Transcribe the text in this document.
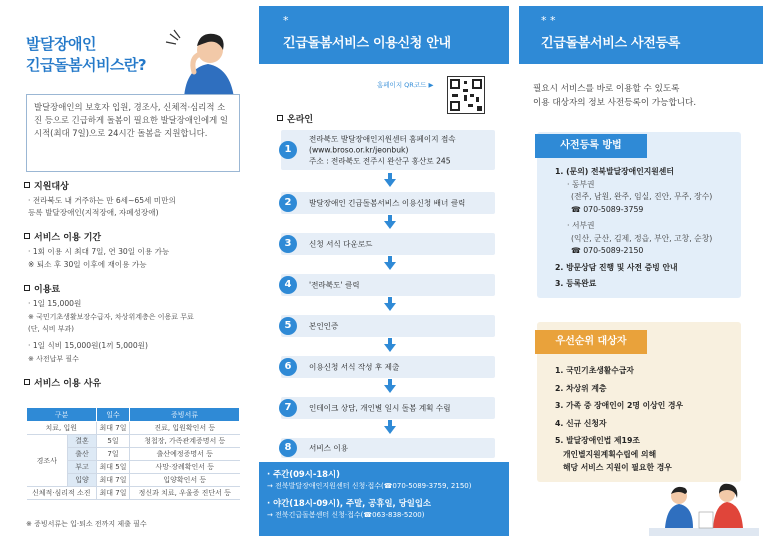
발달장애인
긴급돌봄서비스란?
발달장애인의 보호자 입원, 경조사, 신체적·심리적 소진 등으로 긴급하게 돌봄이 필요한 발달장애인에게 일시적(최대 7일)으로 24시간 돌봄을 지원합니다.
지원대상
· 전라북도 내 거주하는 만 6세~65세 미만의
등록 발달장애인(지적장애, 자폐성장애)
서비스 이용 기간
· 1회 이용 시 최대 7일, 연 30일 이용 가능
※ 퇴소 후 30일 이후에 재이용 가능
이용료
· 1일 15,000원
※ 국민기초생활보장수급자, 차상위계층은 이용료 무료
(단, 식비 부과)
· 1일 식비 15,000원(1끼 5,000원)
※ 사전납부 필수
서비스 이용 사유
구분		일수	증빙서류
치료, 입원		최대 7일	진료, 입원확인서 등
경조사	결혼	5일	청첩장, 가족관계증명서 등
	출산	7일	출산예정증명서 등
	부고	최대 5일	사망·장례확인서 등
	입양	최대 7일	입양확인서 등
신체적·심리적 소진		최대 7일	정신과 치료, 우울증 진단서 등
※ 증빙서류는 입·퇴소 전까지 제출 필수
*
긴급돌봄서비스 이용신청 안내
홈페이지 QR코드 ▶
온라인
1
전라북도 발달장애인지원센터 홈페이지 접속
(www.broso.or.kr/jeonbuk)
주소 : 전라북도 전주시 완산구 홍산로 245
2	발달장애인 긴급돌봄서비스 이용신청 배너 클릭
3	신청 서식 다운로드
4	'전라북도' 클릭
5	본인인증
6	이용신청 서식 작성 후 제출
7	인테이크 상담, 개인별 일시 돌봄 계획 수립
8	서비스 이용
· 주간(09시-18시)
→ 전북발달장애인지원센터 신청·접수(☎070-5089-3759, 2150)
· 야간(18시-09시), 주말, 공휴일, 당일입소
→ 전북긴급돌봄센터 신청·접수(☎063-838-5200)
* *
긴급돌봄서비스 사전등록
필요시 서비스를 바로 이용할 수 있도록
이용 대상자의 정보 사전등록이 가능합니다.
1. (문의) 전북발달장애인지원센터
· 동부권
(전주, 남원, 완주, 임실, 진안, 무주, 장수)
☎ 070-5089-3759
· 서부권
(익산, 군산, 김제, 정읍, 부안, 고창, 순창)
☎ 070-5089-2150
2. 방문상담 진행 및 사전 증빙 안내
3. 등록완료
사전등록 방법
1. 국민기초생활수급자
2. 차상위 계층
3. 가족 중 장애인이 2명 이상인 경우
4. 신규 신청자
5. 발달장애인법 제19조
개인별지원계획수립에 의해
해당 서비스 지원이 필요한 경우
우선순위 대상자
